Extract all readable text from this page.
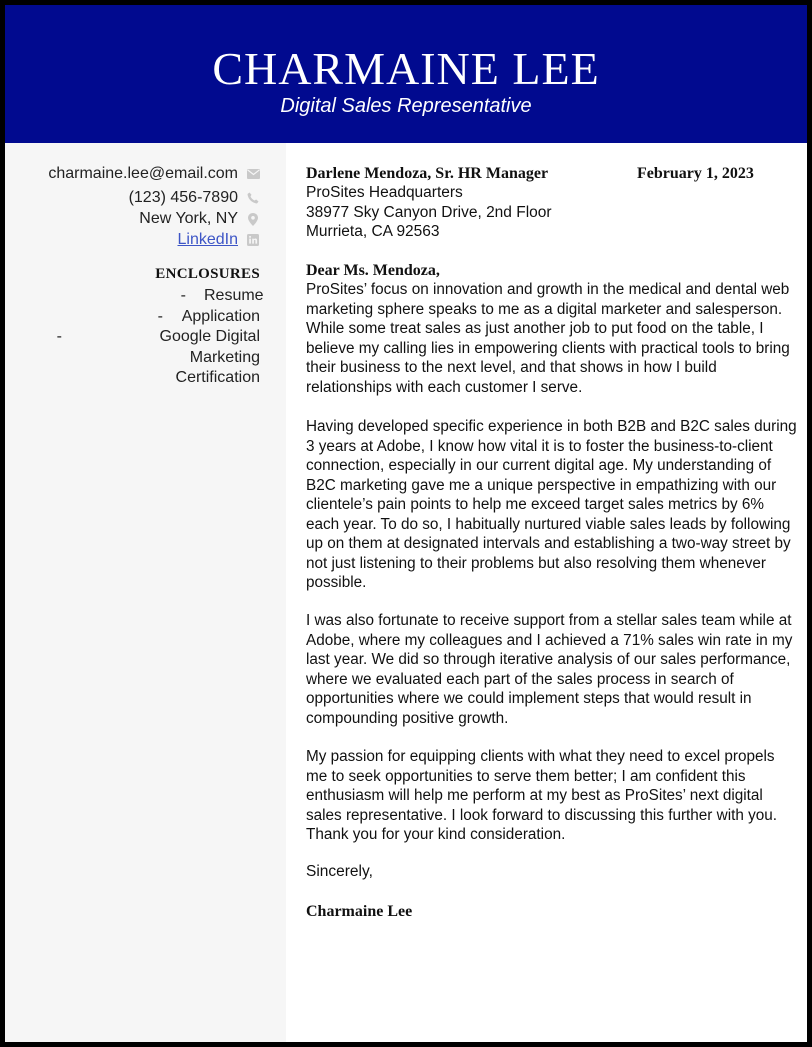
CHARMAINE LEE
Digital Sales Representative
charmaine.lee@email.com
(123) 456-7890
New York, NY
LinkedIn
ENCLOSURES
- Resume
- Application
-	Google Digital Marketing
Certification
Darlene Mendoza, Sr. HR Manager	February 1, 2023
ProSites Headquarters
38977 Sky Canyon Drive, 2nd Floor
Murrieta, CA 92563
Dear Ms. Mendoza,
ProSites’ focus on innovation and growth in the medical and dental web
marketing sphere speaks to me as a digital marketer and salesperson.
While some treat sales as just another job to put food on the table, I
believe my calling lies in empowering clients with practical tools to bring
their business to the next level, and that shows in how I build
relationships with each customer I serve.
Having developed specific experience in both B2B and B2C sales during
3 years at Adobe, I know how vital it is to foster the business-to-client
connection, especially in our current digital age. My understanding of
B2C marketing gave me a unique perspective in empathizing with our
clientele’s pain points to help me exceed target sales metrics by 6%
each year. To do so, I habitually nurtured viable sales leads by following
up on them at designated intervals and establishing a two-way street by
not just listening to their problems but also resolving them whenever
possible.
I was also fortunate to receive support from a stellar sales team while at
Adobe, where my colleagues and I achieved a 71% sales win rate in my
last year. We did so through iterative analysis of our sales performance,
where we evaluated each part of the sales process in search of
opportunities where we could implement steps that would result in
compounding positive growth.
My passion for equipping clients with what they need to excel propels
me to seek opportunities to serve them better; I am confident this
enthusiasm will help me perform at my best as ProSites’ next digital
sales representative. I look forward to discussing this further with you.
Thank you for your kind consideration.
Sincerely,
Charmaine Lee
